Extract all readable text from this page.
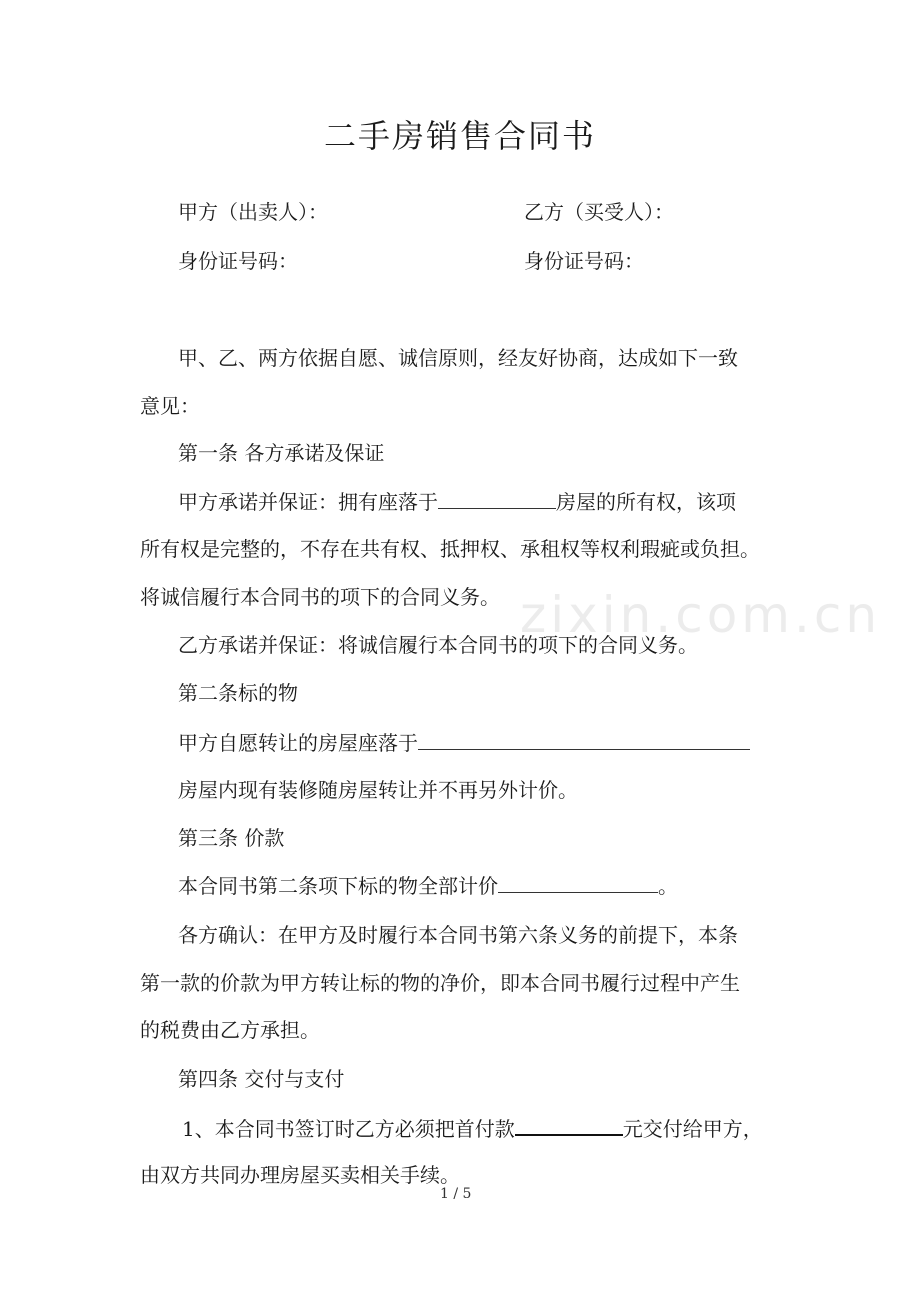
zixin.com.cn
二手房销售合同书
甲方（出卖人）：	乙方（买受人）：
身份证号码：	身份证号码：
甲、乙、两方依据自愿、诚信原则，经友好协商，达成如下一致
意见：
第一条 各方承诺及保证
甲方承诺并保证：拥有座落于	房屋的所有权，该项
所有权是完整的，不存在共有权、抵押权、承租权等权利瑕疵或负担。
将诚信履行本合同书的项下的合同义务。
乙方承诺并保证：将诚信履行本合同书的项下的合同义务。
第二条标的物
甲方自愿转让的房屋座落于
房屋内现有装修随房屋转让并不再另外计价。
第三条 价款
本合同书第二条项下标的物全部计价	。
各方确认：在甲方及时履行本合同书第六条义务的前提下，本条
第一款的价款为甲方转让标的物的净价，即本合同书履行过程中产生
的税费由乙方承担。
第四条 交付与支付
1、本合同书签订时乙方必须把首付款	元交付给甲方，
由双方共同办理房屋买卖相关手续。
1 / 5
